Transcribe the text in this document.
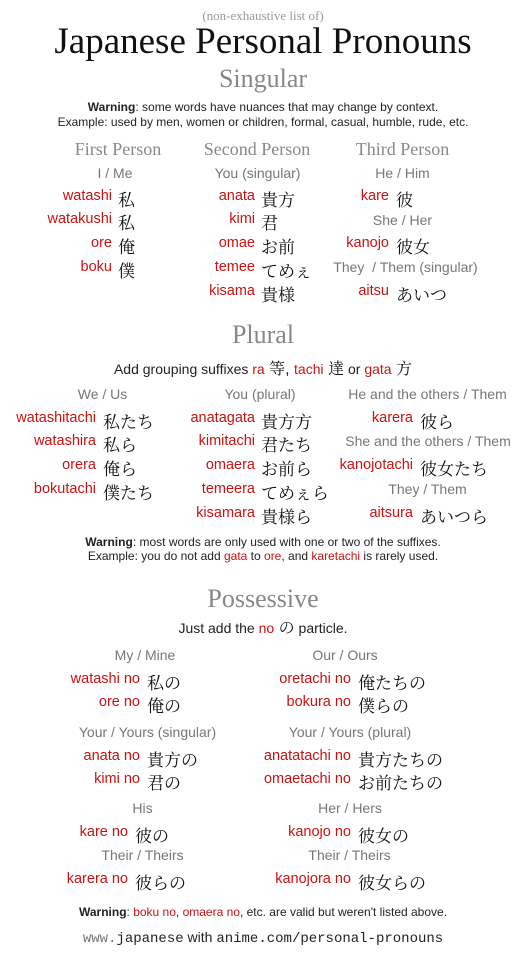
(non-exhaustive list of)
Japanese Personal Pronouns
Singular
Warning: some words have nuances that may change by context.
Example: used by men, women or children, formal, casual, humble, rude, etc.
First Person	Second Person	Third Person
I / Me
watashi 私
watakushi 私
ore 俺
boku 僕
You (singular)
anata 貴方
kimi 君
omae お前
temee てめぇ
kisama 貴様
He / Him
kare 彼
She / Her
kanojo 彼女
They  / Them (singular)
aitsu あいつ
Plural
Add grouping suffixes ra 等, tachi 達 or gata 方
We / Us
watashitachi 私たち
watashira 私ら
orera 俺ら
bokutachi 僕たち
You (plural)
anatagata 貴方方
kimitachi 君たち
omaera お前ら
temeera てめぇら
kisamara 貴様ら
He and the others / Them
karera 彼ら
She and the others / Them
kanojotachi 彼女たち
They / Them
aitsura あいつら
Warning: most words are only used with one or two of the suffixes.
Example: you do not add gata to ore, and karetachi is rarely used.
Possessive
Just add the no の particle.
My / Mine
watashi no 私の
ore no 俺の
Our / Ours
oretachi no 俺たちの
bokura no 僕らの
Your / Yours (singular)
anata no 貴方の
kimi no 君の
Your / Yours (plural)
anatatachi no 貴方たちの
omaetachi no お前たちの
His
kare no 彼の
Her / Hers
kanojo no 彼女の
Their / Theirs
karera no 彼らの
Their / Theirs
kanojora no 彼女らの
Warning: boku no, omaera no, etc. are valid but weren't listed above.
www.japanese with anime.com/personal-pronouns
